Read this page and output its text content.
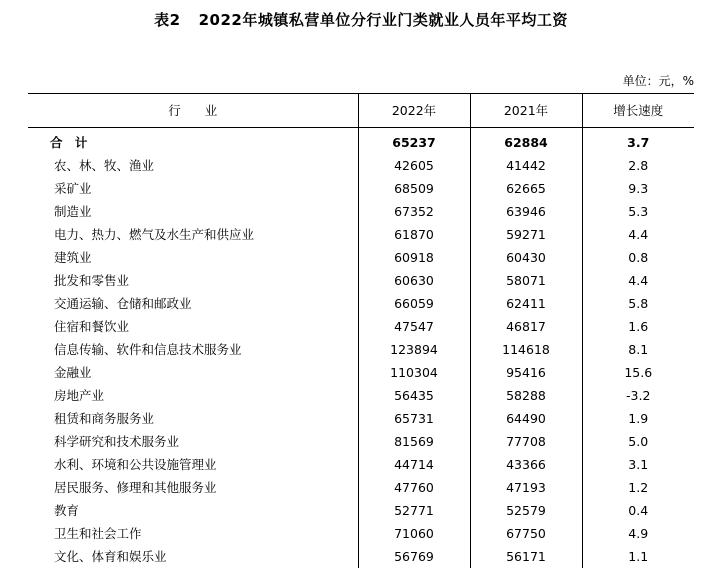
表2 2022年城镇私营单位分行业门类就业人员年平均工资
单位：元，%
行 业	2022年	2021年	增长速度
合 计	65237	62884	3.7
农、林、牧、渔业	42605	41442	2.8
采矿业	68509	62665	9.3
制造业	67352	63946	5.3
电力、热力、燃气及水生产和供应业	61870	59271	4.4
建筑业	60918	60430	0.8
批发和零售业	60630	58071	4.4
交通运输、仓储和邮政业	66059	62411	5.8
住宿和餐饮业	47547	46817	1.6
信息传输、软件和信息技术服务业	123894	114618	8.1
金融业	110304	95416	15.6
房地产业	56435	58288	-3.2
租赁和商务服务业	65731	64490	1.9
科学研究和技术服务业	81569	77708	5.0
水利、环境和公共设施管理业	44714	43366	3.1
居民服务、修理和其他服务业	47760	47193	1.2
教育	52771	52579	0.4
卫生和社会工作	71060	67750	4.9
文化、体育和娱乐业	56769	56171	1.1
